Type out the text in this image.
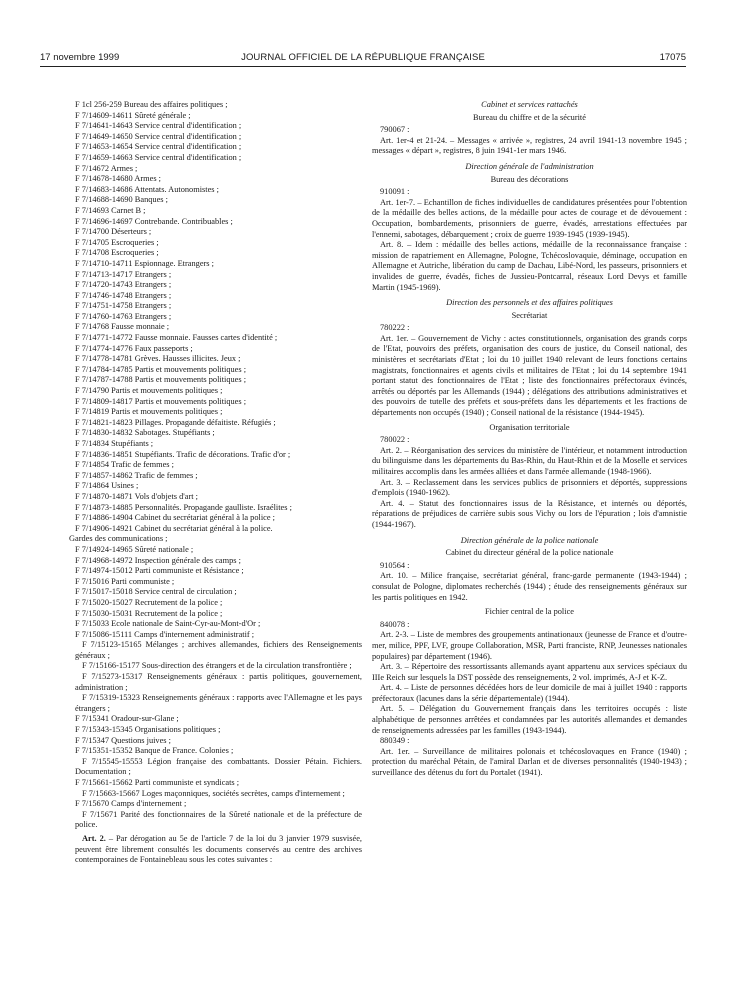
17 novembre 1999	JOURNAL OFFICIEL DE LA RÉPUBLIQUE FRANÇAISE	17075
F 1cl 256-259 Bureau des affaires politiques ;
F 7/14609-14611 Sûreté générale ;
F 7/14641-14643 Service central d'identification ;
F 7/14649-14650 Service central d'identification ;
F 7/14653-14654 Service central d'identification ;
F 7/14659-14663 Service central d'identification ;
F 7/14672 Armes ;
F 7/14678-14680 Armes ;
F 7/14683-14686 Attentats. Autonomistes ;
F 7/14688-14690 Banques ;
F 7/14693 Carnet B ;
F 7/14696-14697 Contrebande. Contribuables ;
F 7/14700 Déserteurs ;
F 7/14705 Escroqueries ;
F 7/14708 Escroqueries ;
F 7/14710-14711 Espionnage. Etrangers ;
F 7/14713-14717 Etrangers ;
F 7/14720-14743 Etrangers ;
F 7/14746-14748 Etrangers ;
F 7/14751-14758 Etrangers ;
F 7/14760-14763 Etrangers ;
F 7/14768 Fausse monnaie ;
F 7/14771-14772 Fausse monnaie. Fausses cartes d'identité ;
F 7/14774-14776 Faux passeports ;
F 7/14778-14781 Grèves. Hausses illicites. Jeux ;
F 7/14784-14785 Partis et mouvements politiques ;
F 7/14787-14788 Partis et mouvements politiques ;
F 7/14790 Partis et mouvements politiques ;
F 7/14809-14817 Partis et mouvements politiques ;
F 7/14819 Partis et mouvements politiques ;
F 7/14821-14823 Pillages. Propagande défaitiste. Réfugiés ;
F 7/14830-14832 Sabotages. Stupéfiants ;
F 7/14834 Stupéfiants ;
F 7/14836-14851 Stupéfiants. Trafic de décorations. Trafic d'or ;
F 7/14854 Trafic de femmes ;
F 7/14857-14862 Trafic de femmes ;
F 7/14864 Usines ;
F 7/14870-14871 Vols d'objets d'art ;
F 7/14873-14885 Personnalités. Propagande gaulliste. Israélites ;
F 7/14886-14904 Cabinet du secrétariat général à la police ;
F 7/14906-14921 Cabinet du secrétariat général à la police.
Gardes des communications ;
F 7/14924-14965 Sûreté nationale ;
F 7/14968-14972 Inspection générale des camps ;
F 7/14974-15012 Parti communiste et Résistance ;
F 7/15016 Parti communiste ;
F 7/15017-15018 Service central de circulation ;
F 7/15020-15027 Recrutement de la police ;
F 7/15030-15031 Recrutement de la police ;
F 7/15033 Ecole nationale de Saint-Cyr-au-Mont-d'Or ;
F 7/15086-15111 Camps d'internement administratif ;

F 7/15123-15165 Mélanges ; archives allemandes, fichiers des Renseignements généraux ;

F 7/15166-15177 Sous-direction des étrangers et de la circulation transfrontière ;

F 7/15273-15317 Renseignements généraux : partis politiques, gouvernement, administration ;

F 7/15319-15323 Renseignements généraux : rapports avec l'Allemagne et les pays étrangers ;

F 7/15341 Oradour-sur-Glane ;
F 7/15343-15345 Organisations politiques ;
F 7/15347 Questions juives ;
F 7/15351-15352 Banque de France. Colonies ;

F 7/15545-15553 Légion française des combattants. Dossier Pétain. Fichiers. Documentation ;

F 7/15661-15662 Parti communiste et syndicats ;

F 7/15663-15667 Loges maçonniques, sociétés secrètes, camps d'internement ;

F 7/15670 Camps d'internement ;

F 7/15671 Parité des fonctionnaires de la Sûreté nationale et de la préfecture de police.

Art. 2. – Par dérogation au 5e de l'article 7 de la loi du 3 janvier 1979 susvisée, peuvent être librement consultés les documents conservés au centre des archives contemporaines de Fontainebleau sous les cotes suivantes :

Cabinet et services rattachés
Bureau du chiffre et de la sécurité
790067 :

Art. 1er-4 et 21-24. – Messages « arrivée », registres, 24 avril 1941-13 novembre 1945 ; messages « départ », registres, 8 juin 1941-1er mars 1946.

Direction générale de l'administration
Bureau des décorations
910091 :

Art. 1er-7. – Echantillon de fiches individuelles de candidatures présentées pour l'obtention de la médaille des belles actions, de la médaille pour actes de courage et de dévouement : Occupation, bombardements, prisonniers de guerre, évadés, arrestations effectuées par l'ennemi, sabotages, débarquement ; croix de guerre 1939-1945 (1939-1945).

Art. 8. – Idem : médaille des belles actions, médaille de la reconnaissance française : mission de rapatriement en Allemagne, Pologne, Tchécoslovaquie, déminage, occupation en Allemagne et Autriche, libération du camp de Dachau, Libé-Nord, les passeurs, prisonniers et invalides de guerre, évadés, fiches de Jussieu-Pontcarral, réseaux Lord Devys et famille Martin (1945-1969).

Direction des personnels et des affaires politiques
Secrétariat
780222 :

Art. 1er. – Gouvernement de Vichy : actes constitutionnels, organisation des grands corps de l'Etat, pouvoirs des préfets, organisation des cours de justice, du Conseil national, des ministères et secrétariats d'Etat ; loi du 10 juillet 1940 relevant de leurs fonctions certains magistrats, fonctionnaires et agents civils et militaires de l'Etat ; loi du 14 septembre 1941 portant statut des fonctionnaires de l'Etat ; liste des fonctionnaires préfectoraux évincés, arrêtés ou déportés par les Allemands (1944) ; délégations des attributions administratives et des pouvoirs de tutelle des préfets et sous-préfets dans les départements et les fractions de départements non occupés (1940) ; Conseil national de la résistance (1944-1945).

Organisation territoriale
780022 :

Art. 2. – Réorganisation des services du ministère de l'intérieur, et notamment introduction du bilinguisme dans les départements du Bas-Rhin, du Haut-Rhin et de la Moselle et services militaires accomplis dans les armées alliées et dans l'armée allemande (1948-1966).

Art. 3. – Reclassement dans les services publics de prisonniers et déportés, suppressions d'emplois (1940-1962).

Art. 4. – Statut des fonctionnaires issus de la Résistance, et internés ou déportés, réparations de préjudices de carrière subis sous Vichy ou lors de l'épuration ; lois d'amnistie (1944-1967).

Direction générale de la police nationale
Cabinet du directeur général de la police nationale
910564 :

Art. 10. – Milice française, secrétariat général, franc-garde permanente (1943-1944) ; consulat de Pologne, diplomates recherchés (1944) ; étude des renseignements généraux sur les partis politiques en 1942.

Fichier central de la police
840078 :

Art. 2-3. – Liste de membres des groupements antinationaux (jeunesse de France et d'outre-mer, milice, PPF, LVF, groupe Collaboration, MSR, Parti franciste, RNP, Jeunesses nationales populaires) par département (1946).

Art. 3. – Répertoire des ressortissants allemands ayant appartenu aux services spéciaux du IIIe Reich sur lesquels la DST possède des renseignements, 2 vol. imprimés, A-J et K-Z.

Art. 4. – Liste de personnes décédées hors de leur domicile de mai à juillet 1940 : rapports préfectoraux (lacunes dans la série départementale) (1944).

Art. 5. – Délégation du Gouvernement français dans les territoires occupés : liste alphabétique de personnes arrêtées et condamnées par les autorités allemandes et demandes de renseignements adressées par les familles (1943-1944).

880349 :

Art. 1er. – Surveillance de militaires polonais et tchécoslovaques en France (1940) ; protection du maréchal Pétain, de l'amiral Darlan et de diverses personnalités (1940-1943) ; surveillance des détenus du fort du Portalet (1941).
